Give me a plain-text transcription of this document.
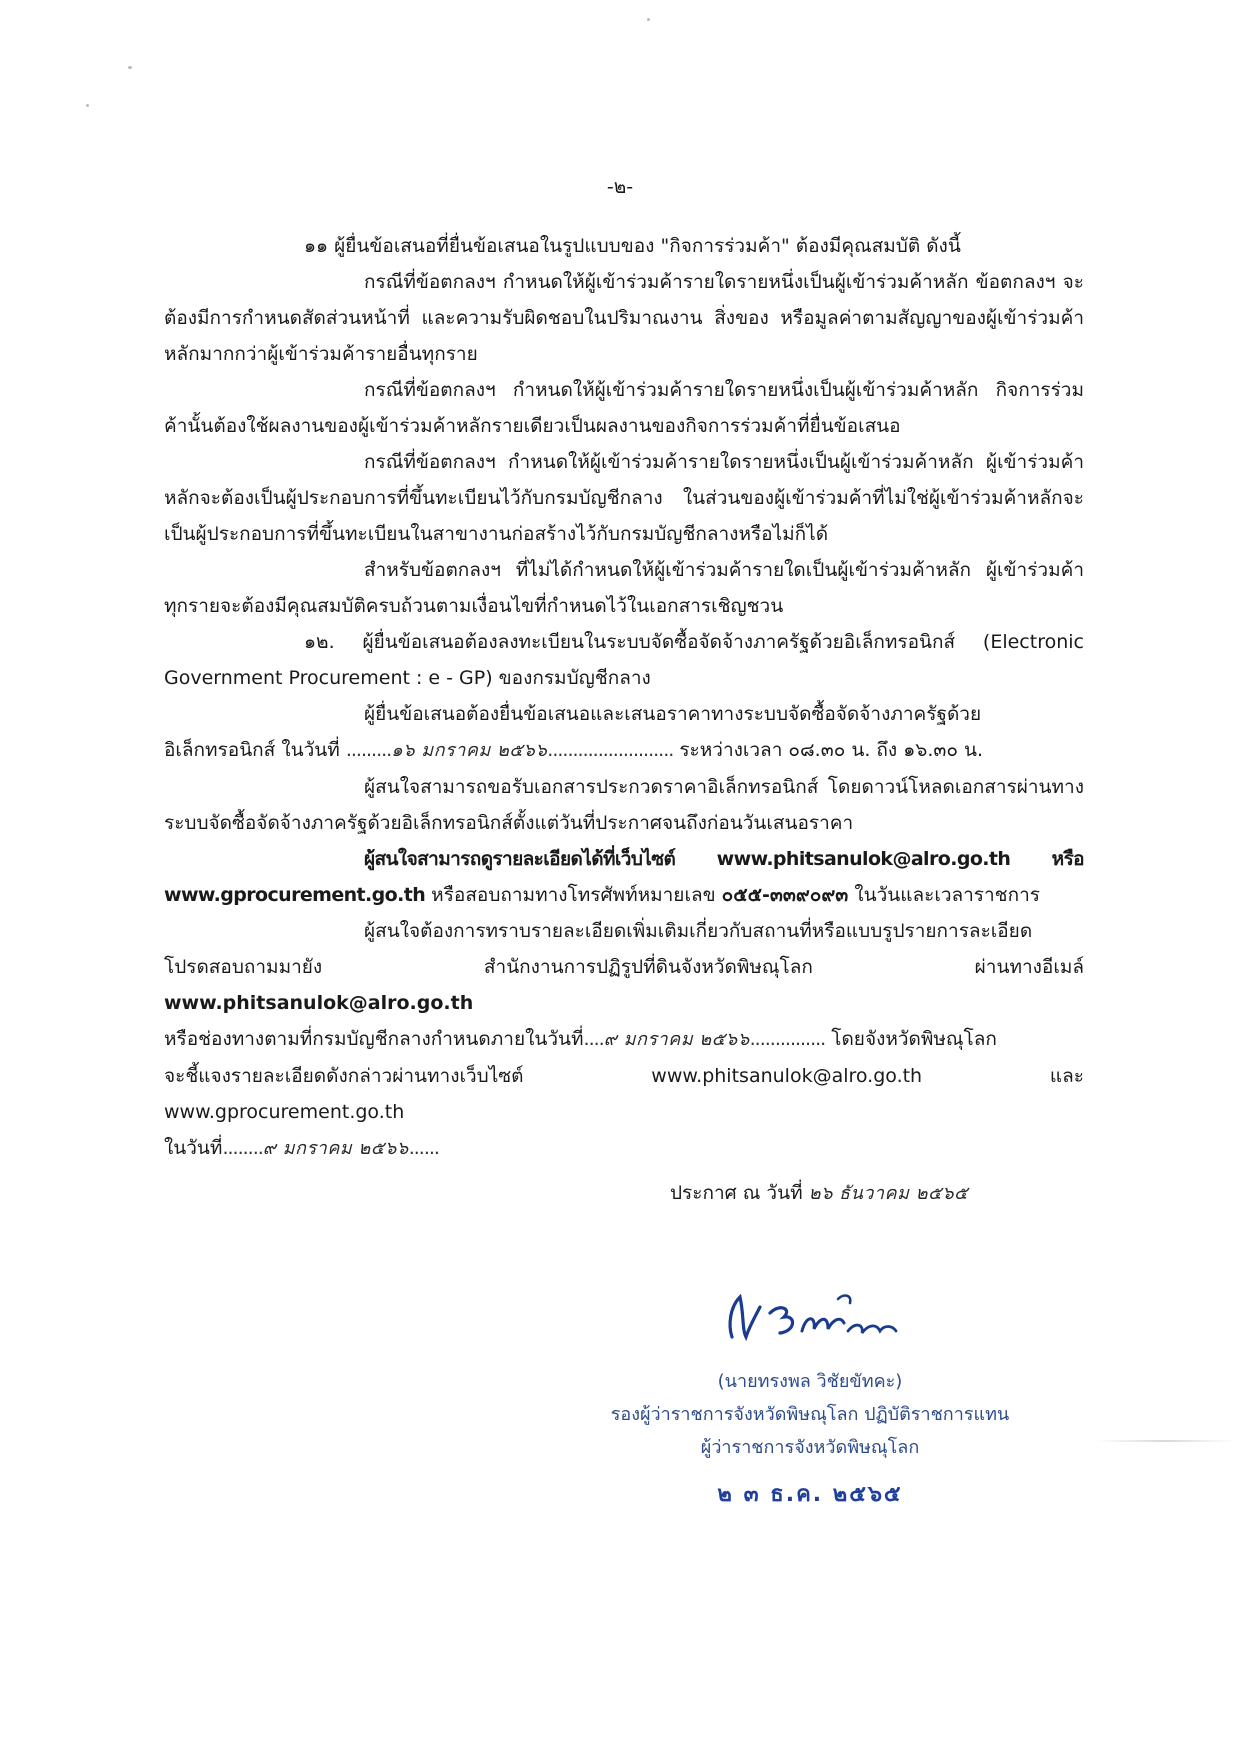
-๒-

๑๑ ผู้ยื่นข้อเสนอที่ยื่นข้อเสนอในรูปแบบของ "กิจการร่วมค้า" ต้องมีคุณสมบัติ ดังนี้

กรณีที่ข้อตกลงฯ กำหนดให้ผู้เข้าร่วมค้ารายใดรายหนึ่งเป็นผู้เข้าร่วมค้าหลัก ข้อตกลงฯ จะต้องมีการกำหนดสัดส่วนหน้าที่ และความรับผิดชอบในปริมาณงาน สิ่งของ หรือมูลค่าตามสัญญาของผู้เข้าร่วมค้าหลักมากกว่าผู้เข้าร่วมค้ารายอื่นทุกราย

กรณีที่ข้อตกลงฯ กำหนดให้ผู้เข้าร่วมค้ารายใดรายหนึ่งเป็นผู้เข้าร่วมค้าหลัก กิจการร่วมค้านั้นต้องใช้ผลงานของผู้เข้าร่วมค้าหลักรายเดียวเป็นผลงานของกิจการร่วมค้าที่ยื่นข้อเสนอ

กรณีที่ข้อตกลงฯ กำหนดให้ผู้เข้าร่วมค้ารายใดรายหนึ่งเป็นผู้เข้าร่วมค้าหลัก ผู้เข้าร่วมค้าหลักจะต้องเป็นผู้ประกอบการที่ขึ้นทะเบียนไว้กับกรมบัญชีกลาง ในส่วนของผู้เข้าร่วมค้าที่ไม่ใช่ผู้เข้าร่วมค้าหลักจะเป็นผู้ประกอบการที่ขึ้นทะเบียนในสาขางานก่อสร้างไว้กับกรมบัญชีกลางหรือไม่ก็ได้

สำหรับข้อตกลงฯ ที่ไม่ได้กำหนดให้ผู้เข้าร่วมค้ารายใดเป็นผู้เข้าร่วมค้าหลัก ผู้เข้าร่วมค้าทุกรายจะต้องมีคุณสมบัติครบถ้วนตามเงื่อนไขที่กำหนดไว้ในเอกสารเชิญชวน

๑๒. ผู้ยื่นข้อเสนอต้องลงทะเบียนในระบบจัดซื้อจัดจ้างภาครัฐด้วยอิเล็กทรอนิกส์ (Electronic Government Procurement : e - GP) ของกรมบัญชีกลาง

ผู้ยื่นข้อเสนอต้องยื่นข้อเสนอและเสนอราคาทางระบบจัดซื้อจัดจ้างภาครัฐด้วยอิเล็กทรอนิกส์ ในวันที่ .........๑๖ มกราคม ๒๕๖๖......................... ระหว่างเวลา ๐๘.๓๐ น. ถึง ๑๖.๓๐ น.

ผู้สนใจสามารถขอรับเอกสารประกวดราคาอิเล็กทรอนิกส์ โดยดาวน์โหลดเอกสารผ่านทางระบบจัดซื้อจัดจ้างภาครัฐด้วยอิเล็กทรอนิกส์ตั้งแต่วันที่ประกาศจนถึงก่อนวันเสนอราคา

ผู้สนใจสามารถดูรายละเอียดได้ที่เว็บไซต์ www.phitsanulok@alro.go.th หรือ www.gprocurement.go.th หรือสอบถามทางโทรศัพท์หมายเลข ๐๕๕-๓๓๙๐๙๓ ในวันและเวลาราชการ

ผู้สนใจต้องการทราบรายละเอียดเพิ่มเติมเกี่ยวกับสถานที่หรือแบบรูปรายการละเอียด

โปรดสอบถามมายัง สำนักงานการปฏิรูปที่ดินจังหวัดพิษณุโลก ผ่านทางอีเมล์ www.phitsanulok@alro.go.th

หรือช่องทางตามที่กรมบัญชีกลางกำหนดภายในวันที่....๙ มกราคม ๒๕๖๖............... โดยจังหวัดพิษณุโลก

จะชี้แจงรายละเอียดดังกล่าวผ่านทางเว็บไซต์ www.phitsanulok@alro.go.th และ www.gprocurement.go.th

ในวันที่........๙ มกราคม ๒๕๖๖......

ประกาศ ณ วันที่ ๒๖ ธันวาคม ๒๕๖๕

(นายทรงพล วิชัยขัทคะ)

รองผู้ว่าราชการจังหวัดพิษณุโลก ปฏิบัติราชการแทน

ผู้ว่าราชการจังหวัดพิษณุโลก

๒ ๓ ธ.ค. ๒๕๖๕
